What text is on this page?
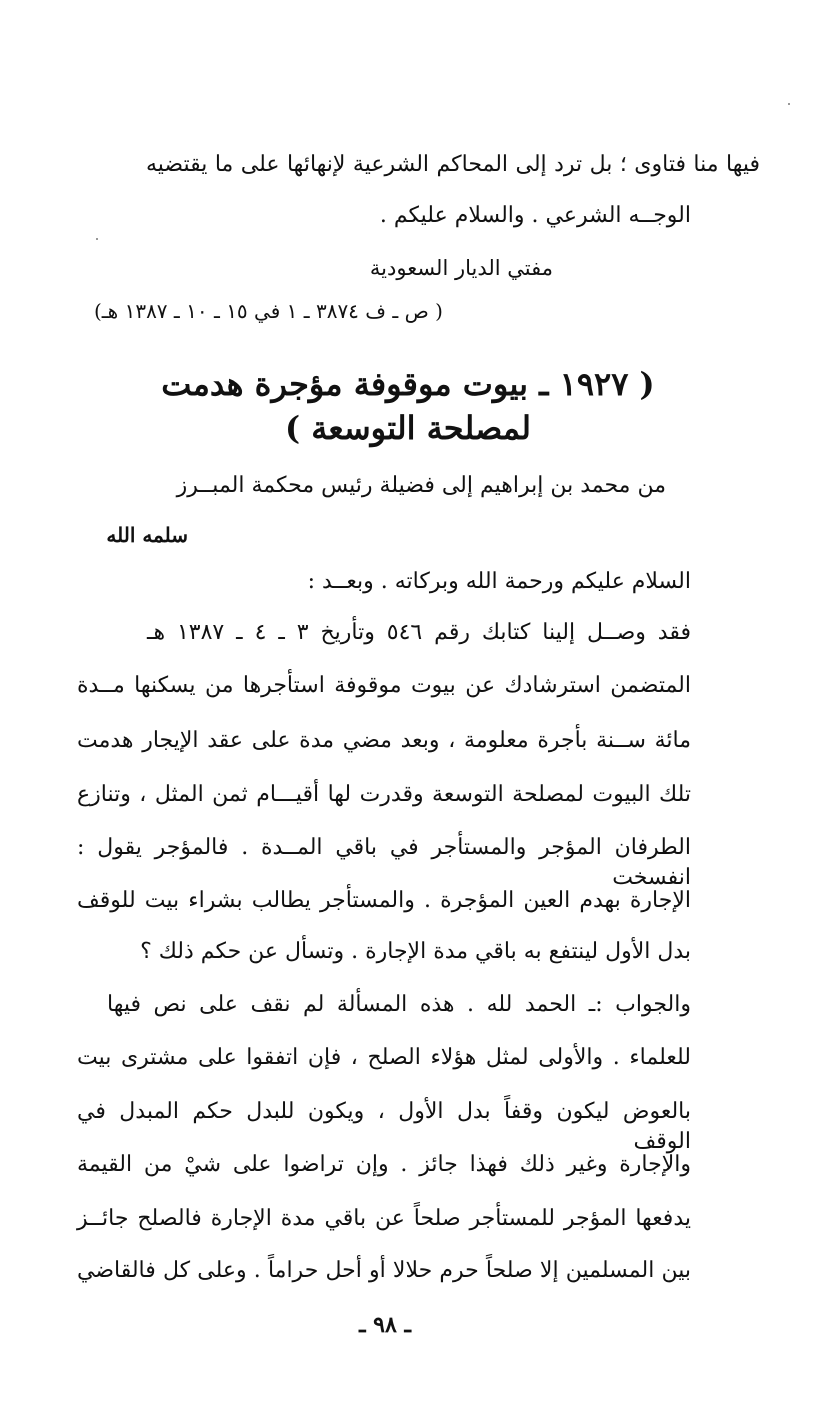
فيها منا فتاوى ؛ بل ترد إلى المحاكم الشرعية لإنهائها على ما يقتضيه
الوجــه الشرعي . والسلام عليكم .
مفتي الديار السعودية
( ص ـ ف ٣٨٧٤ ـ ١ في ١٥ ـ ١٠ ـ ١٣٨٧ هـ)
( ١٩٢٧ ـ بيوت موقوفة مؤجرة هدمت
لمصلحة التوسعة )
من محمد بن إبراهيم إلى فضيلة رئيس محكمة المبــرز
سلمه الله
السلام عليكم ورحمة الله وبركاته . وبعــد :
فقد وصــل إلينا كتابك رقم ٥٤٦ وتأريخ ٣ ـ ٤ ـ ١٣٨٧ هـ
المتضمن استرشادك عن بيوت موقوفة استأجرها من يسكنها مــدة
مائة ســنة بأجرة معلومة ، وبعد مضي مدة على عقد الإيجار هدمت
تلك البيوت لمصلحة التوسعة وقدرت لها أقيـــام ثمن المثل ، وتنازع
الطرفان المؤجر والمستأجر في باقي المــدة . فالمؤجر يقول : انفسخت
الإجارة بهدم العين المؤجرة . والمستأجر يطالب بشراء بيت للوقف
بدل الأول لينتفع به باقي مدة الإجارة . وتسأل عن حكم ذلك ؟
والجواب :ـ الحمد لله . هذه المسألة لم نقف على نص فيها
للعلماء . والأولى لمثل هؤلاء الصلح ، فإن اتفقوا على مشترى بيت
بالعوض ليكون وقفاً بدل الأول ، ويكون للبدل حكم المبدل في الوقف
والإجارة وغير ذلك فهذا جائز . وإن تراضوا على شيْ من القيمة
يدفعها المؤجر للمستأجر صلحاً عن باقي مدة الإجارة فالصلح جائــز
بين المسلمين إلا صلحاً حرم حلالا أو أحل حراماً . وعلى كل فالقاضي
ـ ٩٨ ـ
